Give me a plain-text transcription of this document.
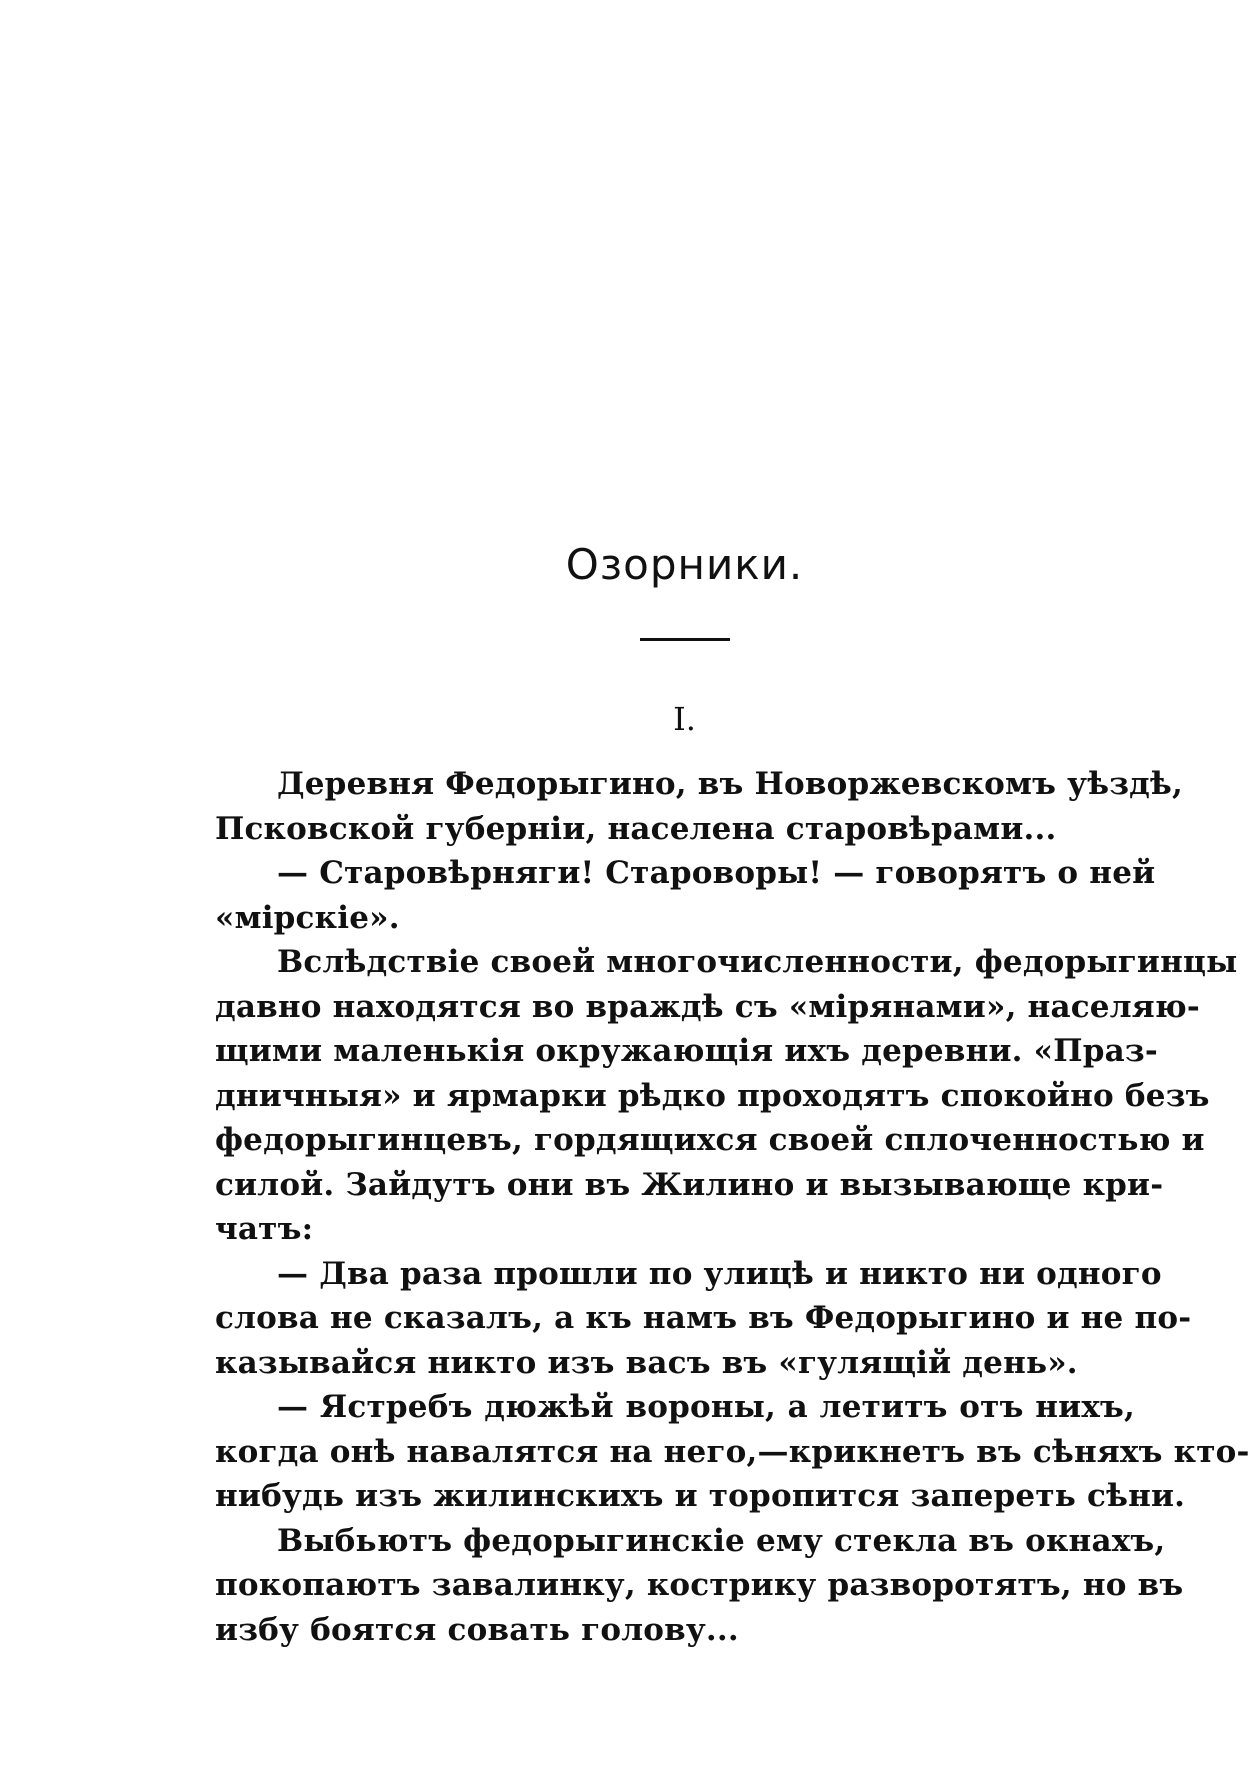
Озорники.
I.
Деревня Федорыгино, въ Новоржевскомъ уѣздѣ,
Псковской губерніи, населена старовѣрами...
— Старовѣрняги! Староворы! — говорятъ о ней
«мірскіе».
Вслѣдствіе своей многочисленности, федорыгинцы
давно находятся во враждѣ съ «мірянами», населяю-
щими маленькія окружающія ихъ деревни. «Праз-
дничныя» и ярмарки рѣдко проходятъ спокойно безъ
федорыгинцевъ, гордящихся своей сплоченностью и
силой. Зайдутъ они въ Жилино и вызывающе кри-
чатъ:
— Два раза прошли по улицѣ и никто ни одного
слова не сказалъ, а къ намъ въ Федорыгино и не по-
казывайся никто изъ васъ въ «гулящій день».
— Ястребъ дюжѣй вороны, а летитъ отъ нихъ,
когда онѣ навалятся на него,—крикнетъ въ сѣняхъ кто-
нибудь изъ жилинскихъ и торопится запереть сѣни.
Выбьютъ федорыгинскіе ему стекла въ окнахъ,
покопаютъ завалинку, кострику разворотятъ, но въ
избу боятся совать голову...
